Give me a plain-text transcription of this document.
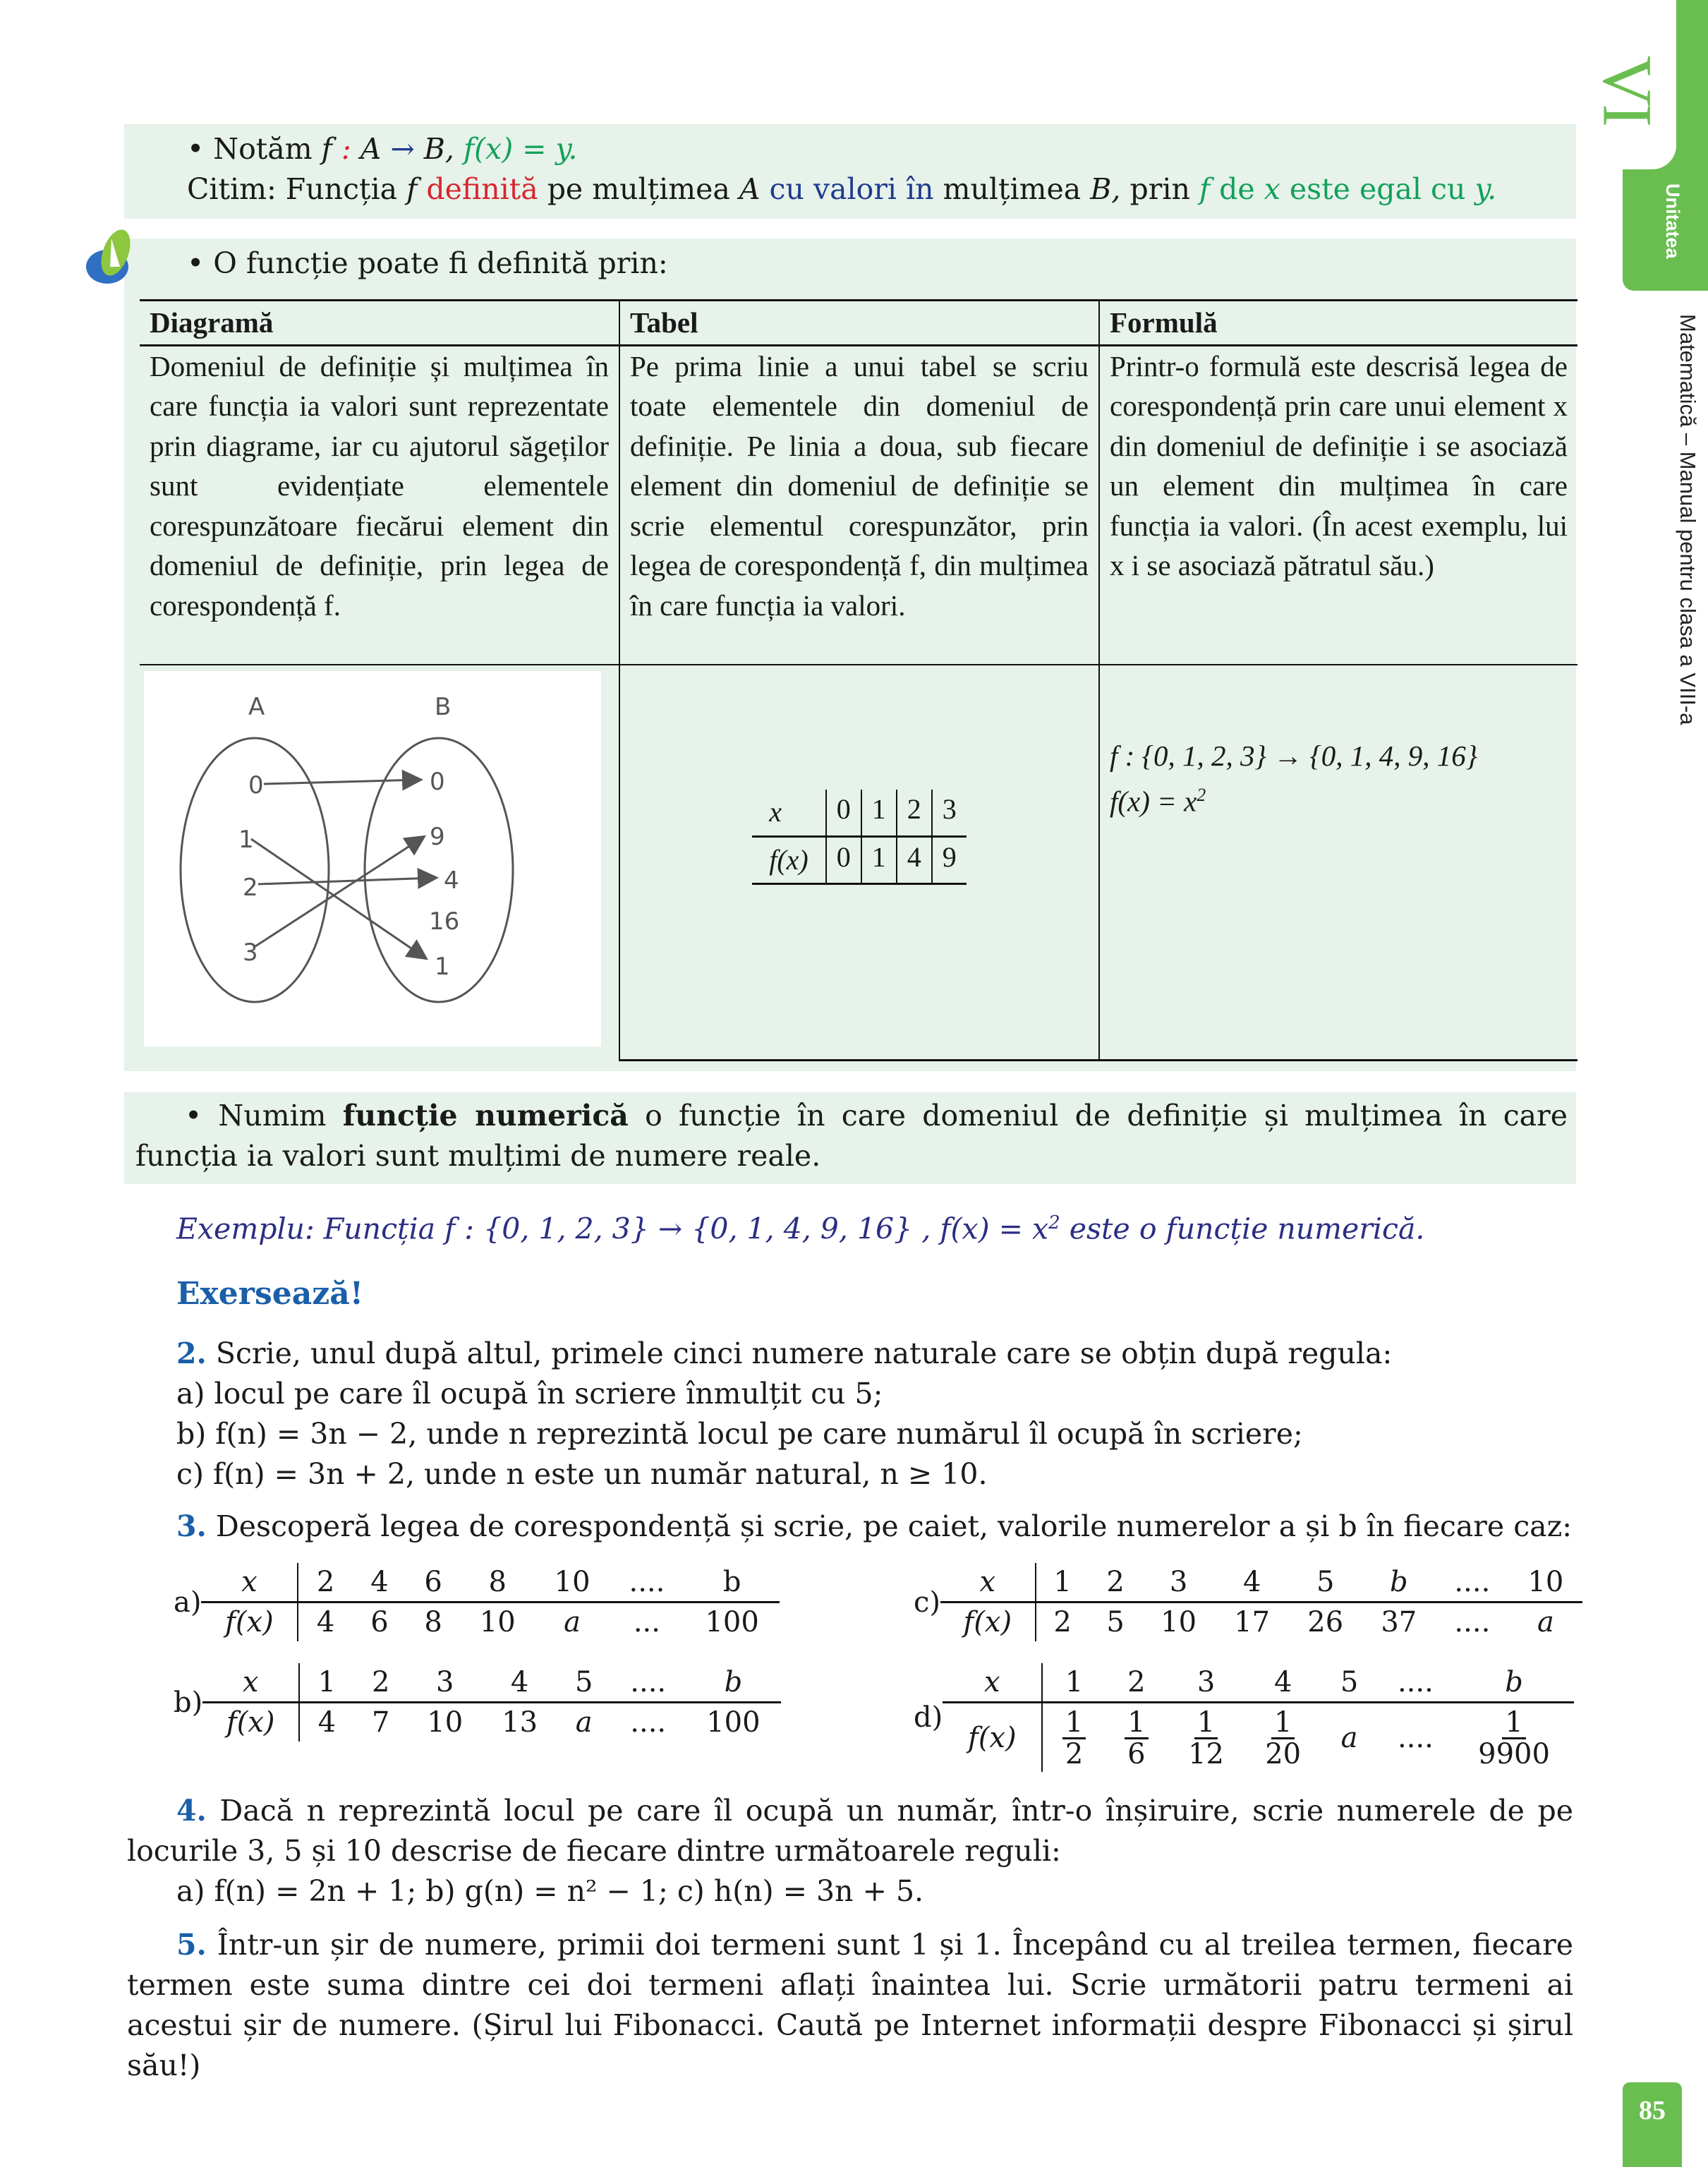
VI
Unitatea
Matematică – Manual pentru clasa a VIII-a
85
• Notăm f : A → B, f(x) = y.
Citim: Funcția f definită pe mulțimea A cu valori în mulțimea B, prin f de x este egal cu y.
• O funcție poate fi definită prin:
Diagramă	Tabel	Formulă
Domeniul de definiție și mulțimea în care funcția ia valori sunt reprezentate prin diagrame, iar cu ajutorul săgeților sunt evidențiate elementele corespunzătoare fiecărui element din domeniul de definiție, prin legea de corespondență f.	Pe prima linie a unui tabel se scriu toate elementele din domeniul de definiție. Pe linia a doua, sub fiecare element din domeniul de definiție se scrie elementul corespunzător, prin legea de corespondență f, din mulțimea în care funcția ia valori.	Printr-o formulă este descrisă legea de corespondență prin care unui element x din domeniul de definiție i se asociază un element din mulțimea în care funcția ia valori. (În acest exemplu, lui x i se asociază pătratul său.)

A	B
0
1
2
3
0
9
4
16
1

x	0	1	2	3
f(x)	0	1	4	9

f : {0, 1, 2, 3} → {0, 1, 4, 9, 16}
$f(x) = x^2$
• Numim funcție numerică o funcție în care domeniul de definiție și mulțimea în care funcția ia valori sunt mulțimi de numere reale.
Exemplu: Funcția f : {0, 1, 2, 3} → {0, 1, 4, 9, 16} , $f(x) = x^2$ este o funcție numerică.
Exersează!
2. Scrie, unul după altul, primele cinci numere naturale care se obțin după regula:
a) locul pe care îl ocupă în scriere înmulțit cu 5;
b) f(n) = 3n − 2, unde n reprezintă locul pe care numărul îl ocupă în scriere;
c) f(n) = 3n + 2, unde n este un număr natural, n ≥ 10.
3. Descoperă legea de corespondență și scrie, pe caiet, valorile numerelor a și b în fiecare caz:
a)
x	2	4	6	8	10	....	b
f(x)	4	6	8	10	a	...	100
b)
x	1	2	3	4	5	....	b
f(x)	4	7	10	13	a	....	100
c)
x	1	2	3	4	5	b	....	10
f(x)	2	5	10	17	26	37	....	a
d)
x	1	2	3	4	5	....	b
f(x)	$\frac{1}{2}$	$\frac{1}{6}$	$\frac{1}{12}$	$\frac{1}{20}$	a	....	$\frac{1}{9900}$
4. Dacă n reprezintă locul pe care îl ocupă un număr, într-o înșiruire, scrie numerele de pe locurile 3, 5 și 10 descrise de fiecare dintre următoarele reguli:
a) f(n) = 2n + 1; b) g(n) = n² − 1; c) h(n) = 3n + 5.
5. Într-un șir de numere, primii doi termeni sunt 1 și 1. Începând cu al treilea termen, fiecare termen este suma dintre cei doi termeni aflați înaintea lui. Scrie următorii patru termeni ai acestui șir de numere. (Șirul lui Fibonacci. Caută pe Internet informații despre Fibonacci și șirul său!)
